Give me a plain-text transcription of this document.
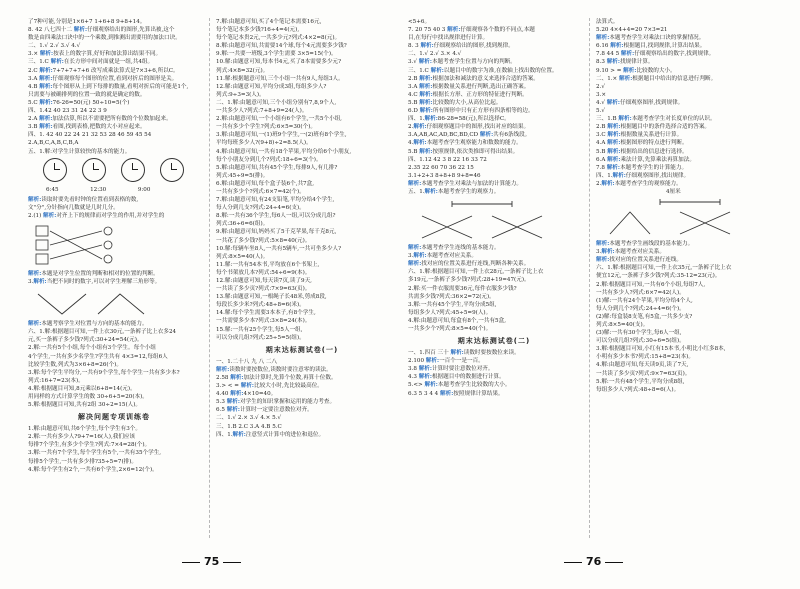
了7种可能,分别是1×6+7 1+6+8 9+8+14。
8. 42 八七四十二 解析:仔细观察给出的图形,先算出被,这个
数是由四乘法口诀中的一个乘数,到推测出需要用的加法口诀。
二、1.√ 2.√ 3.√ 4.√
3.× 解析:按表上的数字算,好好和加法算出结果不同。
三、1.C 解析:在长方形中间对面就是一组,共4组。
2.C 解析:7+7+7+7+6 改写成乘法算式是7×3+6,所以C。
3.A 解析:仔细观察每个图形的位置,看到对折后的图形是关。
4.B 解析:每个图形从上到下每排的数量,看明对折后的可能是1个,
只需要与被确排列的位置一致的就是确定的数。
5.C 解析:76-26=50(元) 50÷10=5(个)
四、1.42 40 23 31 24 22 3 9
2.A 解析:加法估算,所以不需要把所有数的个位数加起来。
3.B 解析:看图,找到表格,把数的大小对应起来。
四、1. 42 40 22 24 21 32 53 28 46 59 45 54
2.A,B,C,A,B,C,B,A
五、1.解:对学生计算较快的基本的能力。

6:45	12:30	9:00
解析:读取时要先看时钟的位置看到表格的数,
文"分",分针指向几数就是几时几分。
2.(1) 解析:对齐上下的规律而对学生的作用,并对学生的
解析:本题是对学生位置的判断和相对的位置的判断。
3.解析:当把不同时的数字,可以对学生理解三角形等。
解析:本题考察学生对位置与方向的基本的能力。
六、1.解:根据题目可知,一件上衣30元,一条裤子比上衣多24
元,买一条裤子多少钱?列式:30+24=54(元)。
2.解:一共有5个小组,每个小组有3个学生。每个小组
4个学生,一共有多少名学生?学生共有 4×3=12,每组6人
比较学生数,列式为3×6+8=26(个)。
3.解:每个学生平均分,一共有9个学生,每个学生一共有多少本?
列式:16+7=23(本)。
4.解:根据题目可知,8元乘以6+8=14(元)。
用同样的方式计算学生的数 30÷6+5=20(本)。
5.解:根据题目可知,共有2组 30÷2=15(人)。
解决问题专项训练卷
1.解:由题意可知,共6个学生,每个学生有3个。
2.解:一共有多少人?9+7=16(人),我们应该
每排7个学生,有多少个学生?列式:7×4=28(个)。
3.解:一共有7个学生,每个学生有5个,一共有35个学生,
每排5个学生,一共有多少排?35÷5=7(排)。
4.解:每个学生有2个,一共有6个学生,2×6=12(个)。
7.解:由题意可知,买了4个笔记本需要16元,
每个笔记本多少钱?16÷4=4(元),
每个笔记本贵2元,一共多少元?列式:4×2=8(元)。
8.解:由题意可知,共需要14个球,每个4元需要多少钱?
9.解:一共要一班级,3个学生需要 3×5=15(个)。
10.解:由题意可知,每本书4元,买了8本需要多少元?
列式:4×8=32(元)。
11.解:根据题意可知,三个小组一共有9人,每组3人。
12.解:由题意可知,平均分成3组,每组多少人?
列式:9÷3=3(人)。
二、1.解:由题意可知,三个小组分别有7,8,9个人,
一共多少人?列式:7+8+9=24(人)。
2.解:由题意可知,一个小组有6个学生,一共5个小组,
一共有多少个学生?列式:6×5=30(个)。
3.解:由题意可知,一(1)班9个学生,一(2)班有8个学生,
平均每班多少人?(9+8)÷2=8.5(人)。
4.解:由题意可知,一共有18个苹果,平均分给6个小朋友,
每个小朋友分到几个?列式:18÷6=3(个)。
5.解:由题意可知,共有45个学生,每排9人,有几排?
列式:45÷9=5(排)。
6.解:由题意可知,每个盒子装6个,共7盒,
一共有多少个?列式:6×7=42(个)。
7.解:由题意可知,有24支铅笔,平均分给4个学生,
每人分到几支?列式:24÷4=6(支)。
8.解:一共有36个学生,每6人一组,可以分成几组?
列式:36÷6=6(组)。
9.解:由题意可知,妈妈买了5千克苹果,每千克8元,
一共花了多少钱?列式:5×8=40(元)。
10.解:每辆车坐8人,一共有5辆车,一共可坐多少人?
列式:8×5=40(人)。
11.解:一共有54本书,平均放在6个书架上,
每个书架放几本?列式:54÷6=9(本)。
12.解:由题意可知,每天读7页,读了9天,
一共读了多少页?列式:7×9=63(页)。
13.解:由题意可知,一根绳子长48米,剪成8段,
每段长多少米?列式:48÷8=6(米)。
14.解:每个学生需要3本本子,有8个学生,
一共需要多少本?列式:3×8=24(本)。
15.解:一共有25个学生,每5人一组,
可以分成几组?列式:25÷5=5(组)。
期末达标测试卷(一)
一、1.二十八 九 八 二八
解析:读数时要按数位,读数时要注意零的读法。
2.58 解析:加法计算时,先算个位数,再算十位数。
3.> < = 解析:比较大小时,先比较最高位。
4.40 解析:4×10=40。
5.3 解析:对学生的知识掌握和运用的能力考查。
6.5 解析:计算时一定要注意数位对齐。
二、1.√ 2.× 3.√ 4.× 5.√
三、1.B 2.C 3.A 4.B 5.C
四、1.解析:注意竖式计算中的进位和退位。
75
<5+6。
7. 20 75 40 3 解析:仔细观察各个数的不同点,本题
目,在每行中找出规律进行计算。
8. 3 解析:仔细观察给出的图形,找到规律。
二、1.√ 2.√ 3.× 4.√
3.√ 解析:本题考查学生位置与方向的判断。
三、1.C 解析:以题目中的数字为准,在数轴上找出数的位置。
2.B 解析:根据加法和减法的意义来选择合适的答案。
3.A 解析:根据数量关系进行判断,选出正确答案。
4.C 解析:根据长方形、正方形的特征进行判断。
5.B 解析:比较数的大小,从高位比起。
6.D 解析:所有图形中只有正方形有四条相等的边。
四、1.解析:86-28=58(元),所以选择C。
2.解析:仔细观察题目中的图形,找出对应的结果。
3.A,AB,AC,AD,BC,BD,CD 解析:共有6条线段。
4.解析:本题考查学生观察能力和数数的能力。
5.B 解析:按照规律,依次类推即可得出结果。
四、1.12 42 3 8 22 16 33 72
2.35 22 60 70 36 22 15
3.1+2+3 8+8+8 9+8=46
解析:本题考查学生对乘法与加法的计算能力。
五、1.解析:本题考查学生的观察力。
解析:本题考查学生连线的基本能力。
3.解析:本题考查对应关系。
解析:找对应的位置关系进行连线,判断各种关系。
六、1.解:根据题目可知,一件上衣28元,一条裤子比上衣
多19元,一条裤子多少钱?列式:28+19=47(元)。
2.解:买一件衣服需要36元,每件衣服多少钱?
共需多少钱?列式:36×2=72(元)。
3.解:一共有45个学生,平均分成5组,
每组多少人?列式:45÷5=9(人)。
4.解:由题意可知,每盒有8个,一共有5盒,
一共多少个?列式:8×5=40(个)。
期末达标测试卷(二)
一、1.四百 三十 解析:读数时要按数位来读。
2.100 解析:一百个一是一百。
3.8 解析:计算时要注意数位对齐。
4.3 解析:根据题目中的数据进行计算。
5.<> 解析:本题考查学生比较数的大小。
6.3 5 3 4 4 解析:按照规律计算结果。
法算式。
5.20 4×4+4=20 7×3=21
解析:本题考查学生对乘法口诀的掌握情况。
6.16 解析:根据题目,找到规律,计算出结果。
7.8 44 5 解析:仔细观察给出的数字,找到规律。
8.3 解析:找规律计算。
9.10 > = 解析:比较数的大小。
二、1.× 解析:根据题目中给出的信息进行判断。
2.√
3.×
4.√ 解析:仔细观察图形,找到规律。
5.√
三、1.B 解析:本题考查学生对长度单位的认识。
2.B 解析:根据题目中的条件选择合适的答案。
3.C 解析:根据数量关系进行计算。
4.A 解析:根据图形的特点进行判断。
5.B 解析:根据给出的信息进行选择。
6.A 解析:乘法计算,先算乘法再算加法。
7.8 解析:本题考查学生的计算能力。
四、1.解析:仔细观察图形,找出规律。
2.解析:本题考查学生的观察能力。
4厘米
解析:本题考查学生画线段的基本能力。
3.解析:本题考查对应关系。
解析:找对应的位置关系进行连线。
六、1.解:根据题目可知,一件上衣35元,一条裤子比上衣
便宜12元,一条裤子多少钱?列式:35-12=23(元)。
2.解:根据题目可知,一共有6个小组,每组7人,
一共有多少人?列式:6×7=42(人)。
(1)解:一共有24个苹果,平均分给4个人,
每人分到几个?列式:24÷4=6(个)。
(2)解:每盒装8支笔,有5盒,一共多少支?
列式:8×5=40(支)。
(3)解:一共有30个学生,每6人一组,
可以分成几组?列式:30÷6=5(组)。
3.解:根据题目可知,小红有15本书,小明比小红多8本,
小明有多少本书?列式:15+8=23(本)。
4.解:由题意可知,每天读9页,读了7天,
一共读了多少页?列式:9×7=63(页)。
5.解:一共有48个学生,平均分成8组,
每组多少人?列式:48÷8=6(人)。
76
